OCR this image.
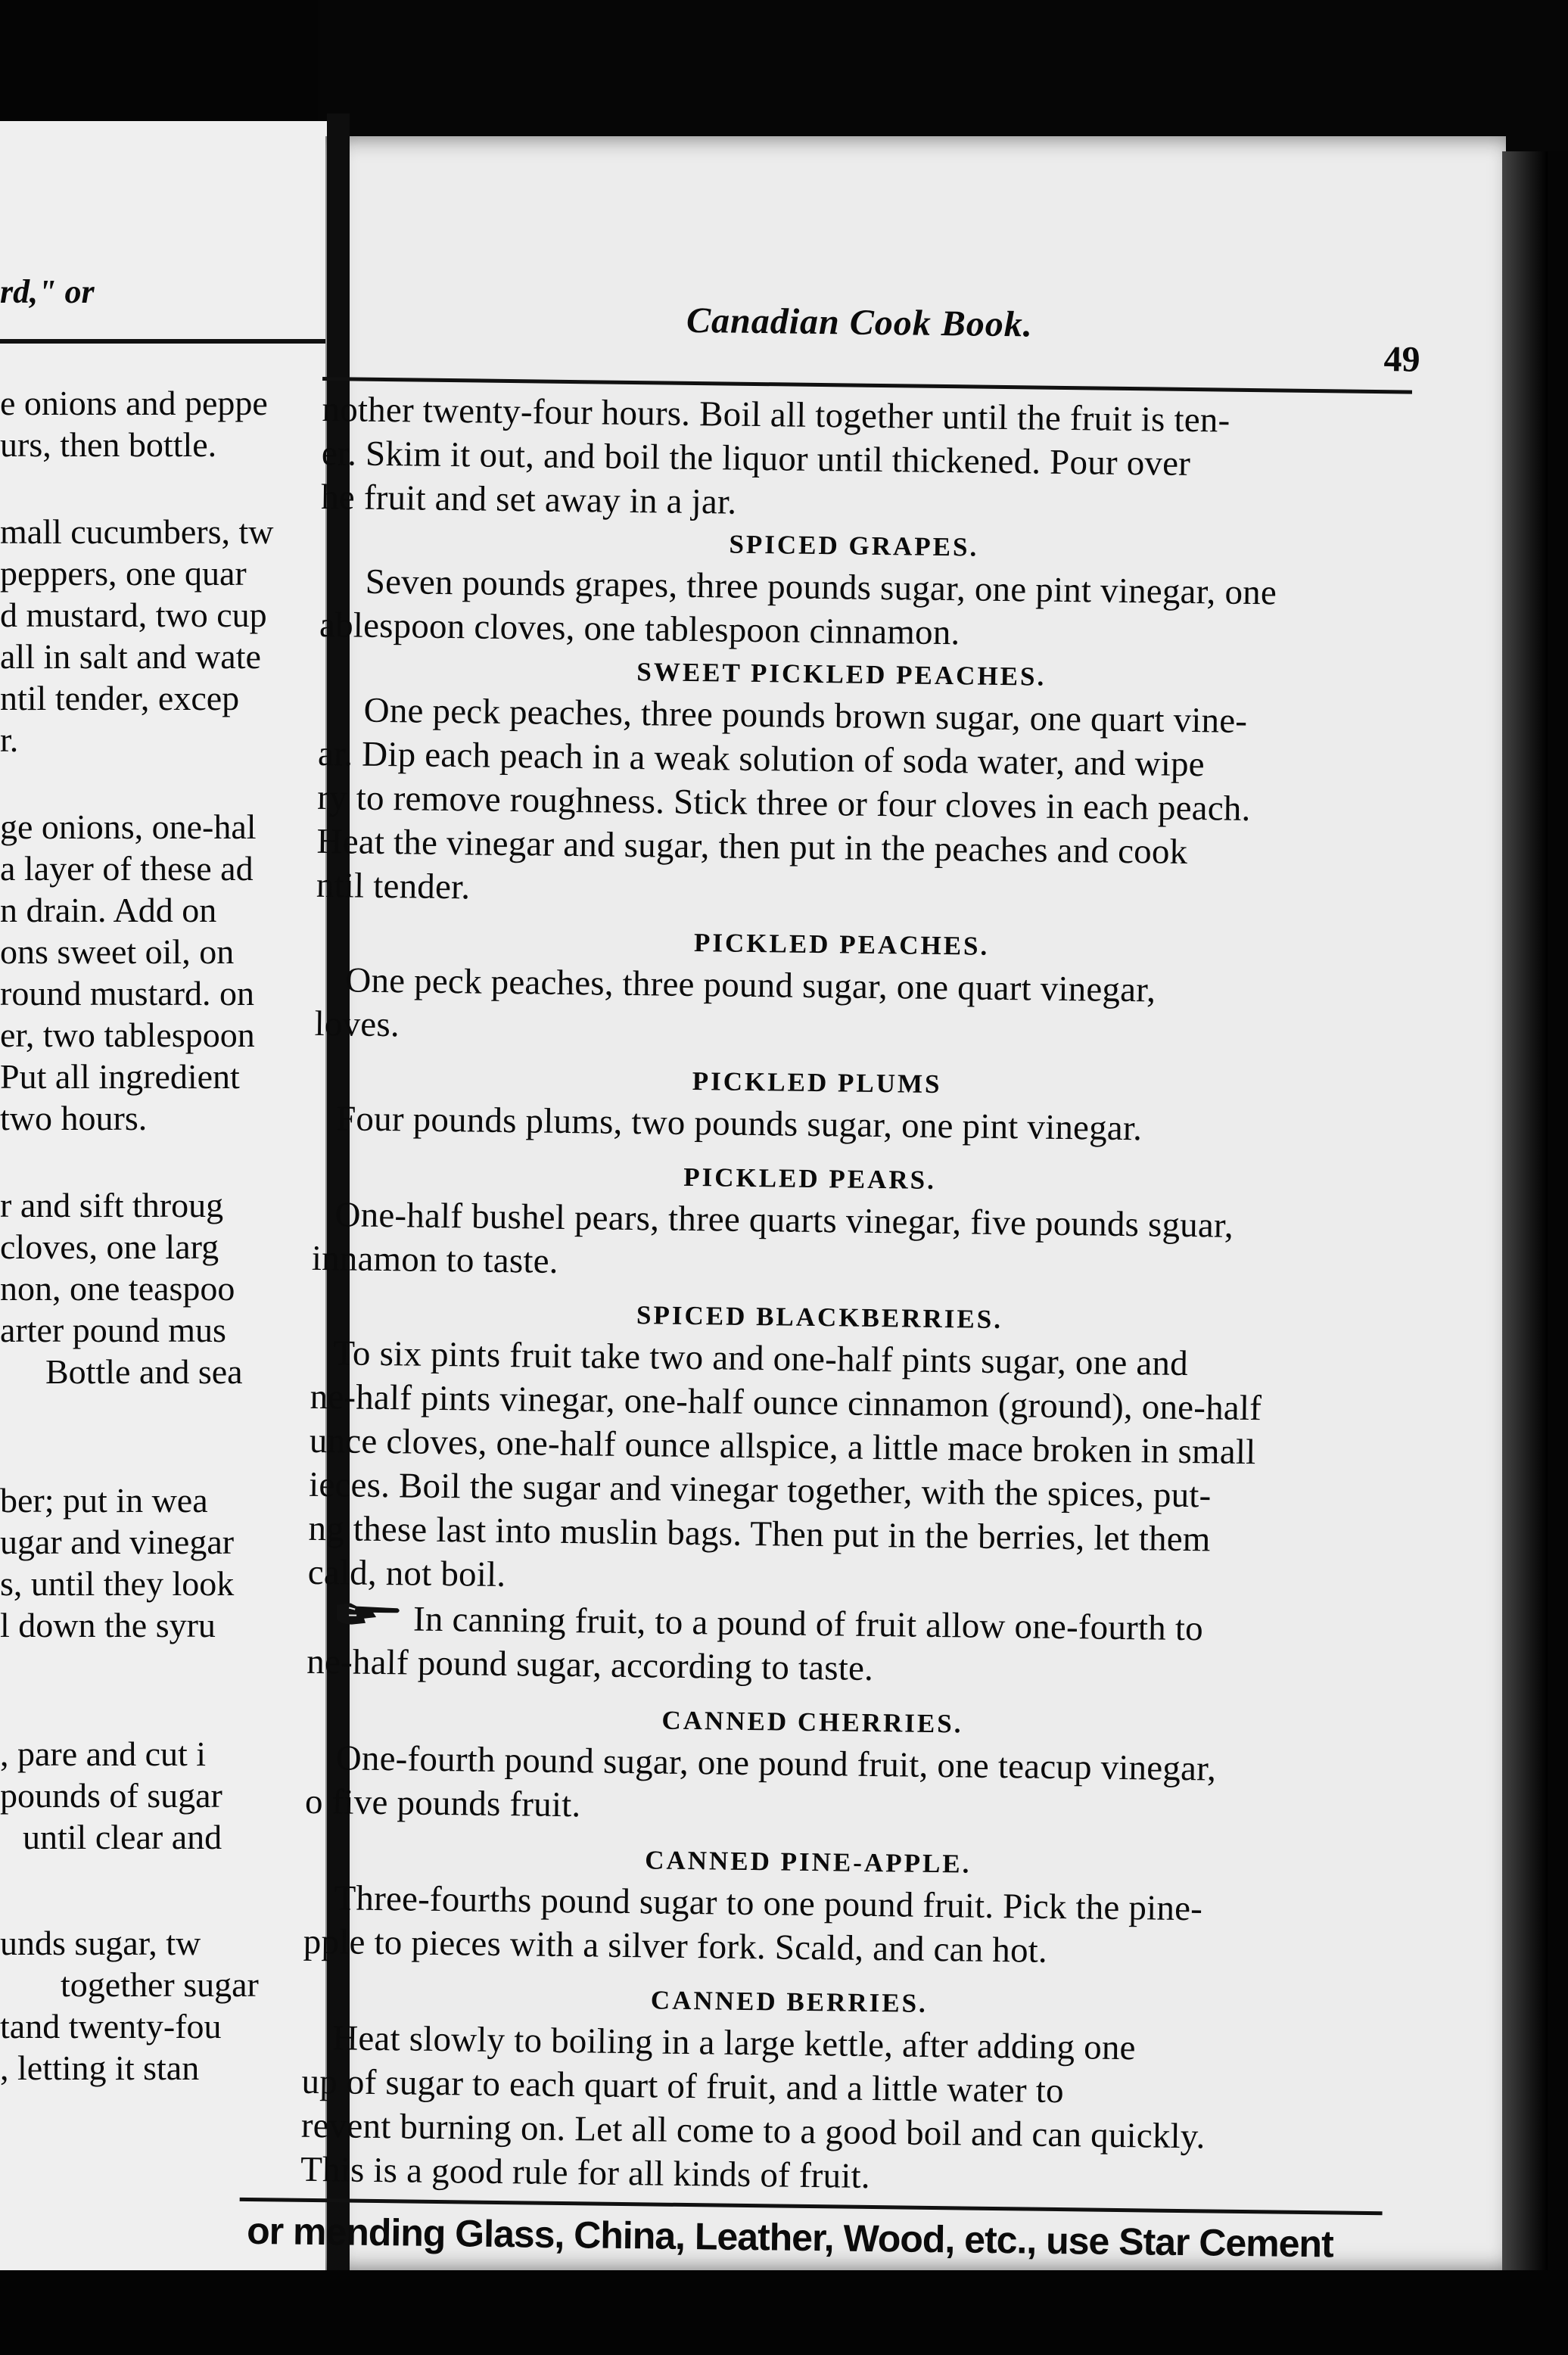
rd," or
e onions and peppe
urs, then bottle.
mall cucumbers, tw
peppers, one quar
d mustard, two cup
all in salt and wate
ntil tender, excep
r.
ge onions, one-hal
a layer of these ad
n drain. Add on
ons sweet oil, on
round mustard. on
er, two tablespoon
Put all ingredient
two hours.
r and sift throug
cloves, one larg
non, one teaspoo
arter pound mus
Bottle and sea
ber; put in wea
ugar and vinegar
s, until they look
l down the syru
, pare and cut i
pounds of sugar
until clear and
unds sugar, tw
together sugar
tand twenty-fou
, letting it stan
Canadian Cook Book.
49
nother twenty-four hours. Boil all together until the fruit is ten-
er. Skim it out, and boil the liquor until thickened. Pour over
he fruit and set away in a jar.
SPICED GRAPES.
Seven pounds grapes, three pounds sugar, one pint vinegar, one
ablespoon cloves, one tablespoon cinnamon.
SWEET PICKLED PEACHES.
One peck peaches, three pounds brown sugar, one quart vine-
ar. Dip each peach in a weak solution of soda water, and wipe
ry to remove roughness. Stick three or four cloves in each peach.
Heat the vinegar and sugar, then put in the peaches and cook
ntil tender.
PICKLED PEACHES.
One peck peaches, three pound sugar, one quart vinegar,
loves.
PICKLED PLUMS
Four pounds plums, two pounds sugar, one pint vinegar.
PICKLED PEARS.
One-half bushel pears, three quarts vinegar, five pounds sguar,
innamon to taste.
SPICED BLACKBERRIES.
To six pints fruit take two and one-half pints sugar, one and
ne-half pints vinegar, one-half ounce cinnamon (ground), one-half
unce cloves, one-half ounce allspice, a little mace broken in small
ieces. Boil the sugar and vinegar together, with the spices, put-
ng these last into muslin bags. Then put in the berries, let them
cald, not boil.
In canning fruit, to a pound of fruit allow one-fourth to
ne-half pound sugar, according to taste.
CANNED CHERRIES.
One-fourth pound sugar, one pound fruit, one teacup vinegar,
o five pounds fruit.
CANNED PINE-APPLE.
Three-fourths pound sugar to one pound fruit. Pick the pine-
pple to pieces with a silver fork. Scald, and can hot.
CANNED BERRIES.
Heat slowly to boiling in a large kettle, after adding one
up of sugar to each quart of fruit, and a little water to
revent burning on. Let all come to a good boil and can quickly.
This is a good rule for all kinds of fruit.
or mending Glass, China, Leather, Wood, etc., use Star Cement
